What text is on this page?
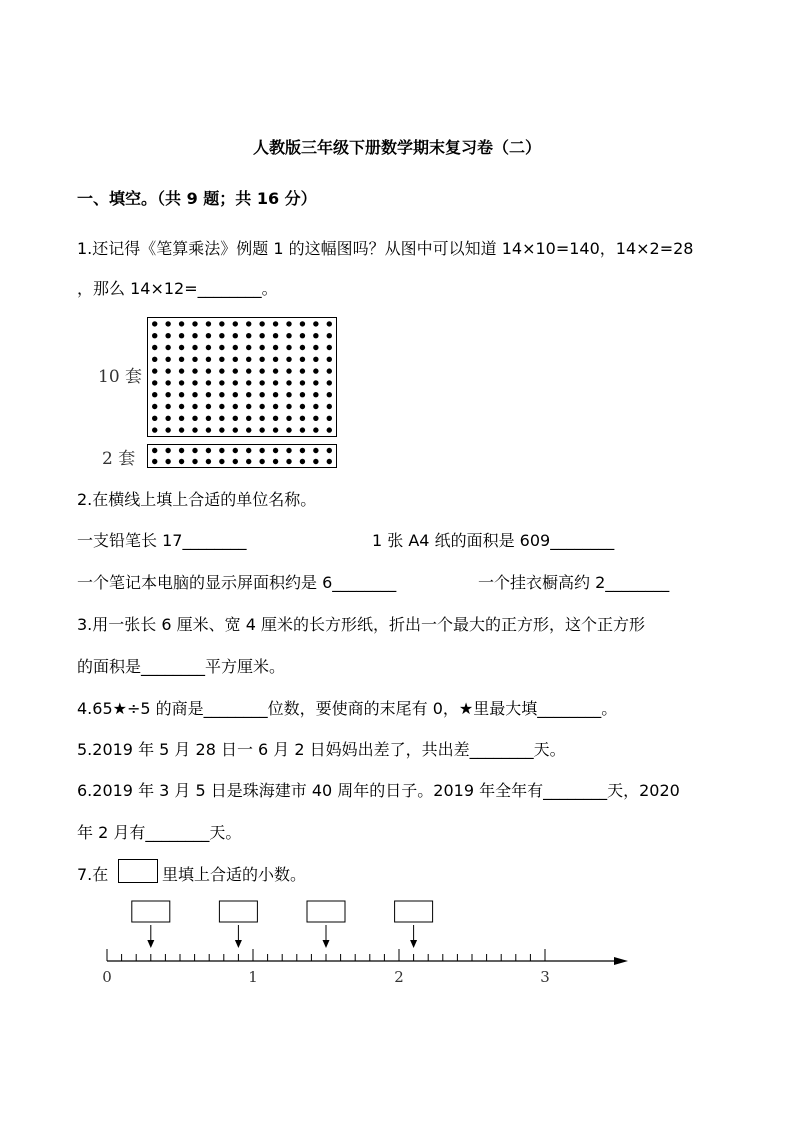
人教版三年级下册数学期末复习卷（二）
一、填空。（共 9 题；共 16 分）
1.还记得《笔算乘法》例题 1 的这幅图吗？从图中可以知道 14×10=140，14×2=28
，那么 14×12=________。
10 套
2 套
2.在横线上填上合适的单位名称。
一支铅笔长 17________	1 张 A4 纸的面积是 609________
一个笔记本电脑的显示屏面积约是 6________	一个挂衣橱高约 2________
3.用一张长 6 厘米、宽 4 厘米的长方形纸，折出一个最大的正方形，这个正方形
的面积是________平方厘米。
4.65★÷5 的商是________位数，要使商的末尾有 0，★里最大填________。
5.2019 年 5 月 28 日一 6 月 2 日妈妈出差了，共出差________天。
6.2019 年 3 月 5 日是珠海建市 40 周年的日子。2019 年全年有________天，2020
年 2 月有________天。
7.在	里填上合适的小数。
0	1	2	3
